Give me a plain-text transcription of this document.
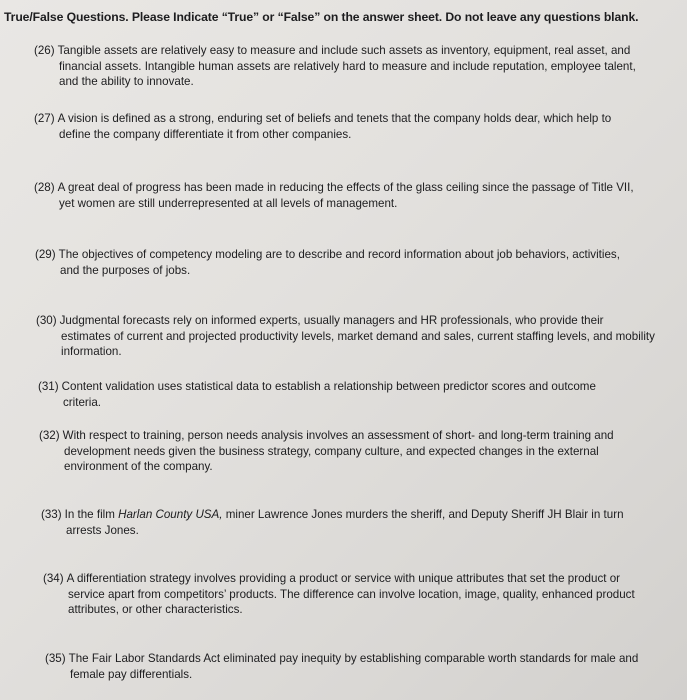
True/False Questions. Please Indicate “True” or “False” on the answer sheet. Do not leave any questions blank.
(26) Tangible assets are relatively easy to measure and include such assets as inventory, equipment, real asset, and
financial assets. Intangible human assets are relatively hard to measure and include reputation, employee talent, and the ability to innovate.
(27) A vision is defined as a strong, enduring set of beliefs and tenets that the company holds dear, which help to
define the company differentiate it from other companies.
(28) A great deal of progress has been made in reducing the effects of the glass ceiling since the passage of Title VII,
yet women are still underrepresented at all levels of management.
(29) The objectives of competency modeling are to describe and record information about job behaviors, activities,
and the purposes of jobs.
(30) Judgmental forecasts rely on informed experts, usually managers and HR professionals, who provide their
estimates of current and projected productivity levels, market demand and sales, current staffing levels, and mobility information.
(31) Content validation uses statistical data to establish a relationship between predictor scores and outcome
criteria.
(32) With respect to training, person needs analysis involves an assessment of short- and long-term training and
development needs given the business strategy, company culture, and expected changes in the external environment of the company.
(33) In the film Harlan County USA, miner Lawrence Jones murders the sheriff, and Deputy Sheriff JH Blair in turn
arrests Jones.
(34) A differentiation strategy involves providing a product or service with unique attributes that set the product or
service apart from competitors’ products. The difference can involve location, image, quality, enhanced product attributes, or other characteristics.
(35) The Fair Labor Standards Act eliminated pay inequity by establishing comparable worth standards for male and
female pay differentials.
